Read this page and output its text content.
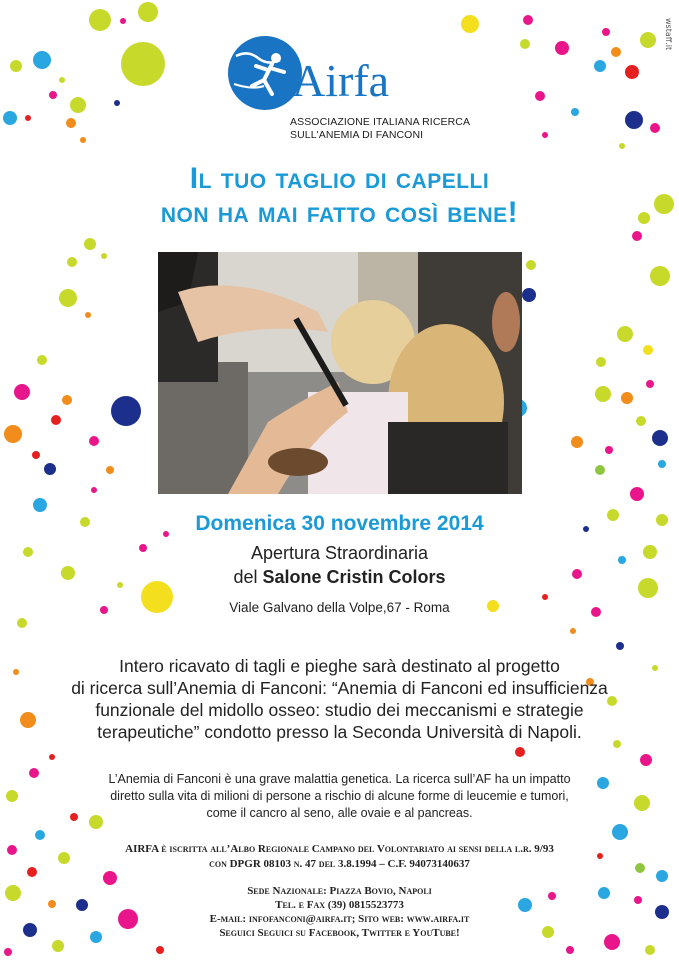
wstaff.it
Airfa
ASSOCIAZIONE ITALIANA RICERCA
SULL'ANEMIA DI FANCONI
Il tuo taglio di capelli
non ha mai fatto così bene!
Domenica 30 novembre 2014
Apertura Straordinaria
del Salone Cristin Colors
Viale Galvano della Volpe,67 - Roma
Intero ricavato di tagli e pieghe sarà destinato al progetto
di ricerca sull’Anemia di Fanconi: “Anemia di Fanconi ed insufficienza
funzionale del midollo osseo: studio dei meccanismi e strategie
terapeutiche” condotto presso la Seconda Università di Napoli.
L’Anemia di Fanconi è una grave malattia genetica. La ricerca sull’AF ha un impatto
diretto sulla vita di milioni di persone a rischio di alcune forme di leucemie e tumori,
come il cancro al seno, alle ovaie e al pancreas.
AIRFA è iscritta all’Albo Regionale Campano del Volontariato ai sensi della l.r. 9/93
con DPGR 08103 n. 47 del 3.8.1994 – C.F. 94073140637
Sede Nazionale: Piazza Bovio, Napoli
Tel. e Fax (39) 0815523773
E-mail: infofanconi@airfa.it; Sito web: www.airfa.it
Seguici Seguici su Facebook, Twitter e YouTube!
